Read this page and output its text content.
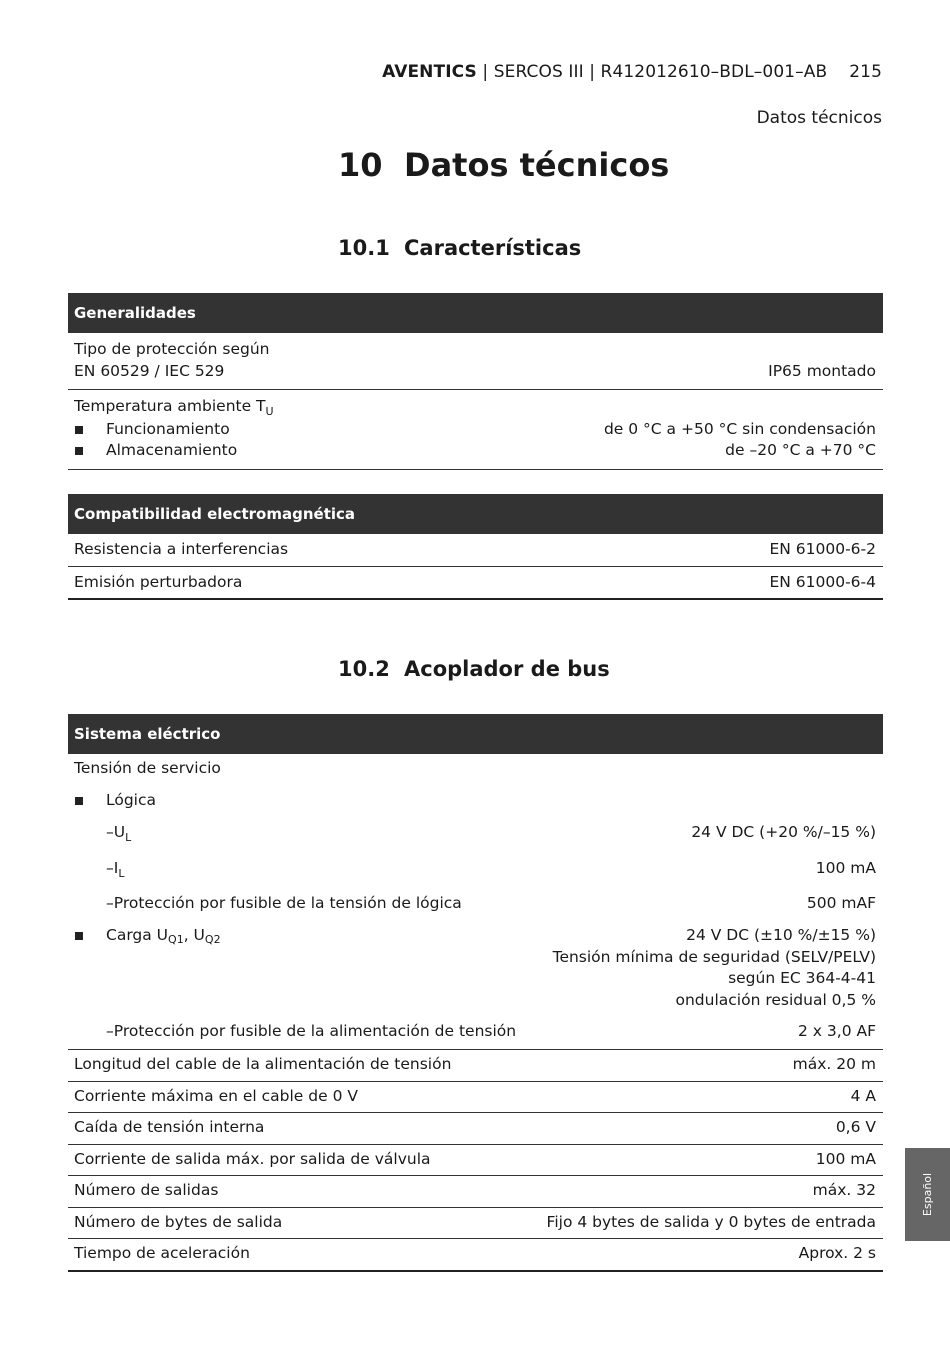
AVENTICS | SERCOS III | R412012610–BDL–001–AB 215
Datos técnicos
10 Datos técnicos
10.1 Características
Generalidades
Tipo de protección según
EN 60529 / IEC 529	IP65 montado
Temperatura ambiente $T_U$
Funcionamiento	de 0 °C a +50 °C sin condensación
Almacenamiento	de –20 °C a +70 °C
Compatibilidad electromagnética
Resistencia a interferencias	EN 61000-6-2
Emisión perturbadora	EN 61000-6-4
10.2 Acoplador de bus
Sistema eléctrico
Tensión de servicio
Lógica
$-U_L$	24 V DC (+20 %/–15 %)
$-I_L$	100 mA
–Protección por fusible de la tensión de lógica	500 mAF
Carga U Q1 , U Q2	24 V DC (±10 %/±15 %)
Tensión mínima de seguridad (SELV/PELV)
según EC 364-4-41
ondulación residual 0,5 %
–Protección por fusible de la alimentación de tensión	2 x 3,0 AF
Longitud del cable de la alimentación de tensión	máx. 20 m
Corriente máxima en el cable de 0 V	4 A
Caída de tensión interna	0,6 V
Corriente de salida máx. por salida de válvula	100 mA
Número de salidas	máx. 32
Número de bytes de salida	Fijo 4 bytes de salida y 0 bytes de entrada
Tiempo de aceleración	Aprox. 2 s
Español
